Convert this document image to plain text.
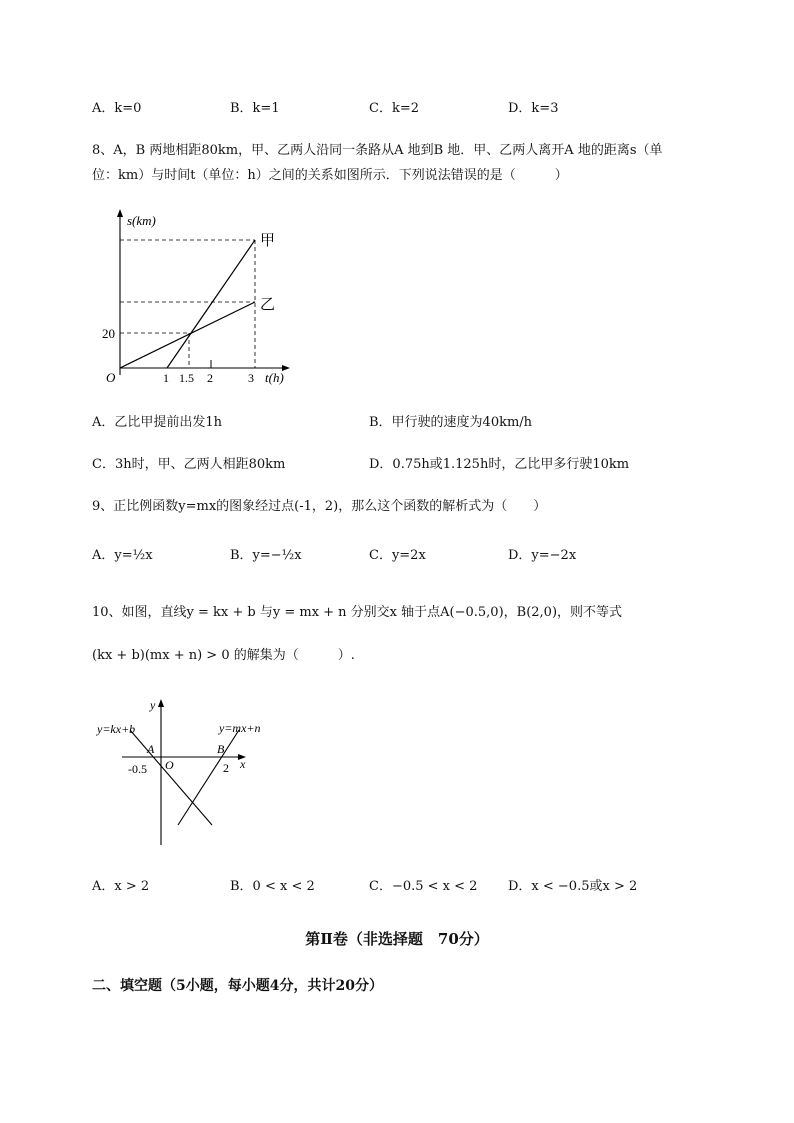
A．k=0	B．k=1	C．k=2	D．k=3
8、A，B 两地相距80km，甲、乙两人沿同一条路从A 地到B 地．甲、乙两人离开A 地的距离s（单
位：km）与时间t（单位：h）之间的关系如图所示．下列说法错误的是（　　　）
s(km)
甲
乙
20
O	1 1.5 2	3 t(h)
A．乙比甲提前出发1h	B．甲行驶的速度为40km/h
C．3h时，甲、乙两人相距80km	D．0.75h或1.125h时，乙比甲多行驶10km
9、正比例函数y=mx的图象经过点(-1，2)，那么这个函数的解析式为（　　）
A．y=½x	B．y=−½x	C．y=2x	D．y=−2x
10、如图，直线y = kx + b 与y = mx + n 分别交x 轴于点A(−0.5,0)，B(2,0)，则不等式
(kx + b)(mx + n) > 0 的解集为（　　　）.
y=kx+b	y=mx+n
y
x
A	B
O
-0.5	2
A．x > 2	B．0 < x < 2	C．−0.5 < x < 2 D．x < −0.5或x > 2
第Ⅱ卷（非选择题　70分）
二、填空题（5小题，每小题4分，共计20分）
